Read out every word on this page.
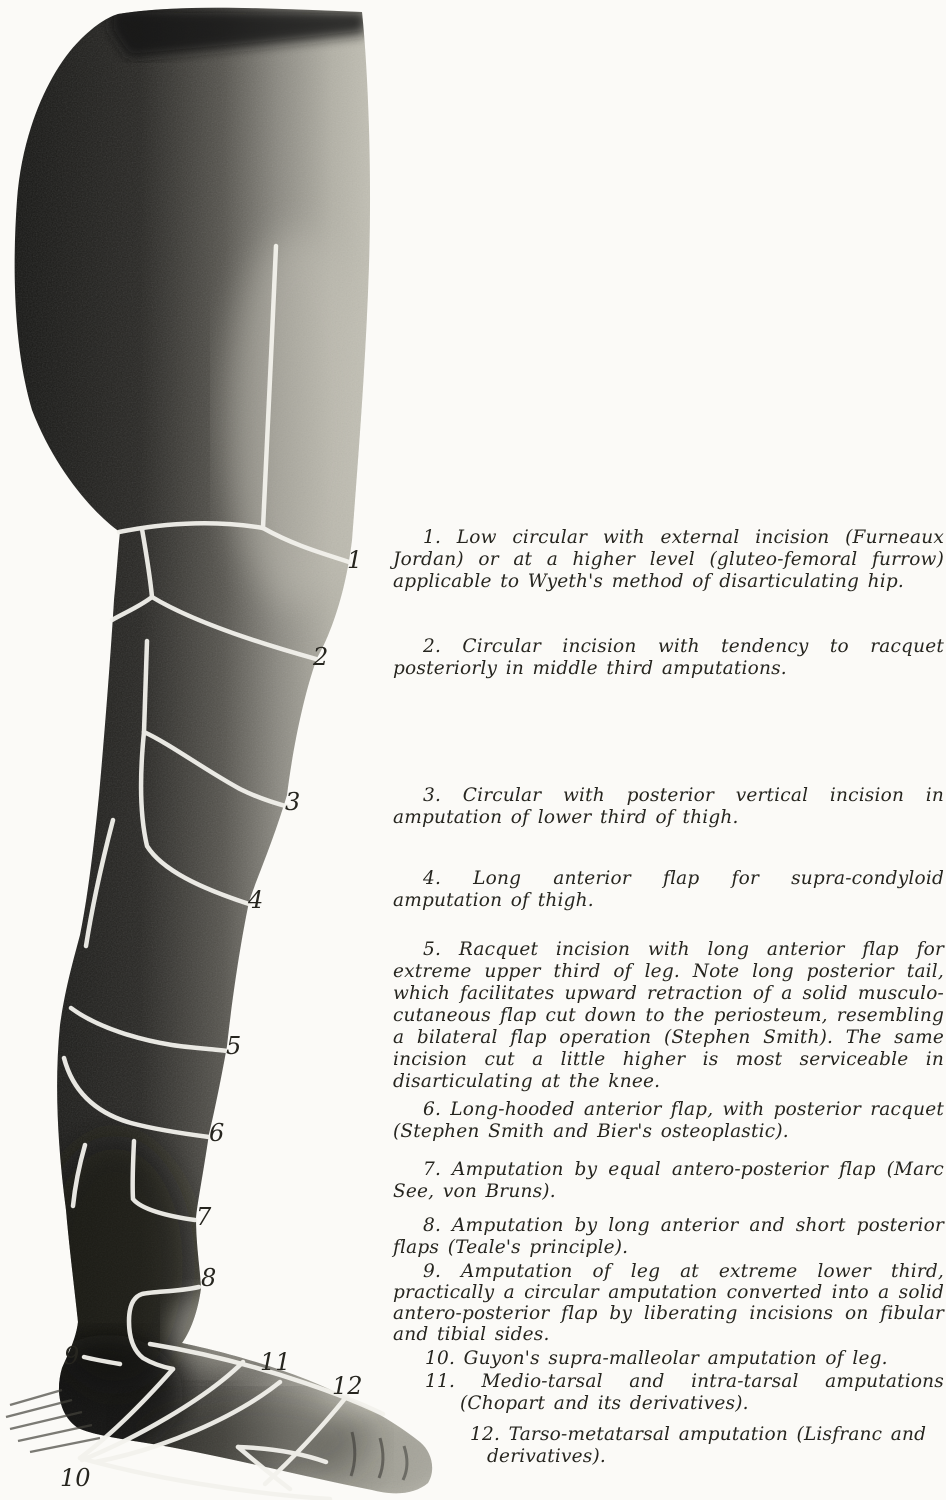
1
2
3
4
5
6
7
8
9
10
11
12

1. Low circular with external incision (Furneaux Jordan) or at a higher level (gluteo-femoral furrow) applicable to Wyeth's method of disarticulating hip.

2. Circular incision with tendency to racquet posteriorly in middle third amputations.

3. Circular with posterior vertical incision in amputation of lower third of thigh.

4. Long anterior flap for supra-condyloid amputation of thigh.

5. Racquet incision with long anterior flap for extreme upper third of leg. Note long posterior tail, which facilitates upward retraction of a solid musculo-cutaneous flap cut down to the periosteum, resembling a bilateral flap operation (Stephen Smith). The same incision cut a little higher is most serviceable in disarticulating at the knee.

6. Long-hooded anterior flap, with posterior racquet (Stephen Smith and Bier's osteoplastic).

7. Amputation by equal antero-posterior flap (Marc See, von Bruns).

8. Amputation by long anterior and short posterior flaps (Teale's principle).

9. Amputation of leg at extreme lower third, practically a circular amputation converted into a solid antero-posterior flap by liberating incisions on fibular and tibial sides.

10. Guyon's supra-malleolar amputation of leg.

11. Medio-tarsal and intra-tarsal amputations (Chopart and its derivatives).

12. Tarso-metatarsal amputation (Lisfranc and derivatives).
